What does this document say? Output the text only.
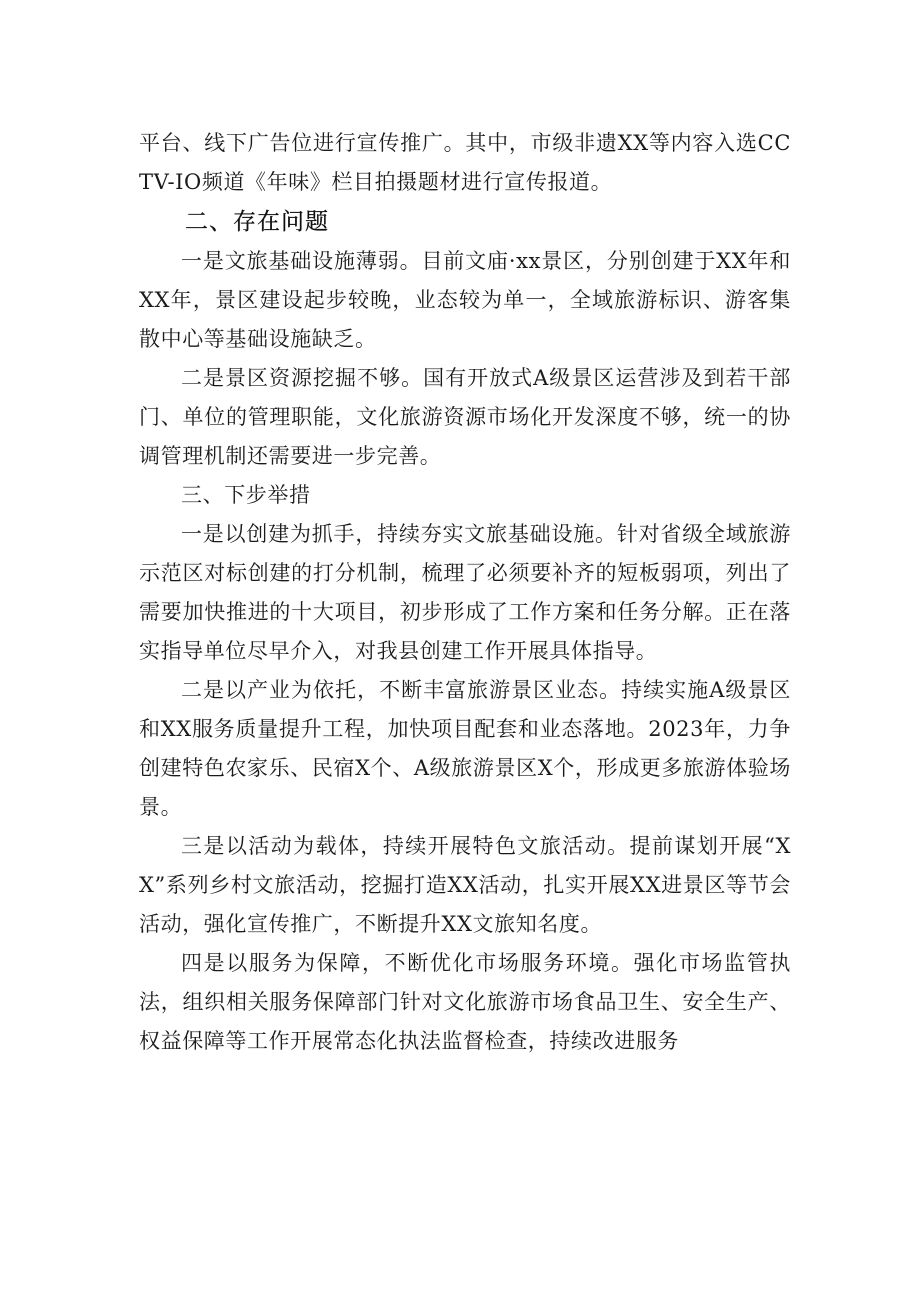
平台、线下广告位进行宣传推广。其中，市级非遗XX等内容入选CCTV-IO频道《年味》栏目拍摄题材进行宣传报道。

二、存在问题

一是文旅基础设施薄弱。目前文庙·xx景区，分别创建于XX年和XX年，景区建设起步较晚，业态较为单一，全域旅游标识、游客集散中心等基础设施缺乏。

二是景区资源挖掘不够。国有开放式A级景区运营涉及到若干部门、单位的管理职能，文化旅游资源市场化开发深度不够，统一的协调管理机制还需要进一步完善。

三、下步举措

一是以创建为抓手，持续夯实文旅基础设施。针对省级全域旅游示范区对标创建的打分机制，梳理了必须要补齐的短板弱项，列出了需要加快推进的十大项目，初步形成了工作方案和任务分解。正在落实指导单位尽早介入，对我县创建工作开展具体指导。

二是以产业为依托，不断丰富旅游景区业态。持续实施A级景区和XX服务质量提升工程，加快项目配套和业态落地。2023年，力争创建特色农家乐、民宿X个、A级旅游景区X个，形成更多旅游体验场景。

三是以活动为载体，持续开展特色文旅活动。提前谋划开展“XX”系列乡村文旅活动，挖掘打造XX活动，扎实开展XX进景区等节会活动，强化宣传推广，不断提升XX文旅知名度。

四是以服务为保障，不断优化市场服务环境。强化市场监管执法，组织相关服务保障部门针对文化旅游市场食品卫生、安全生产、权益保障等工作开展常态化执法监督检查，持续改进服务
